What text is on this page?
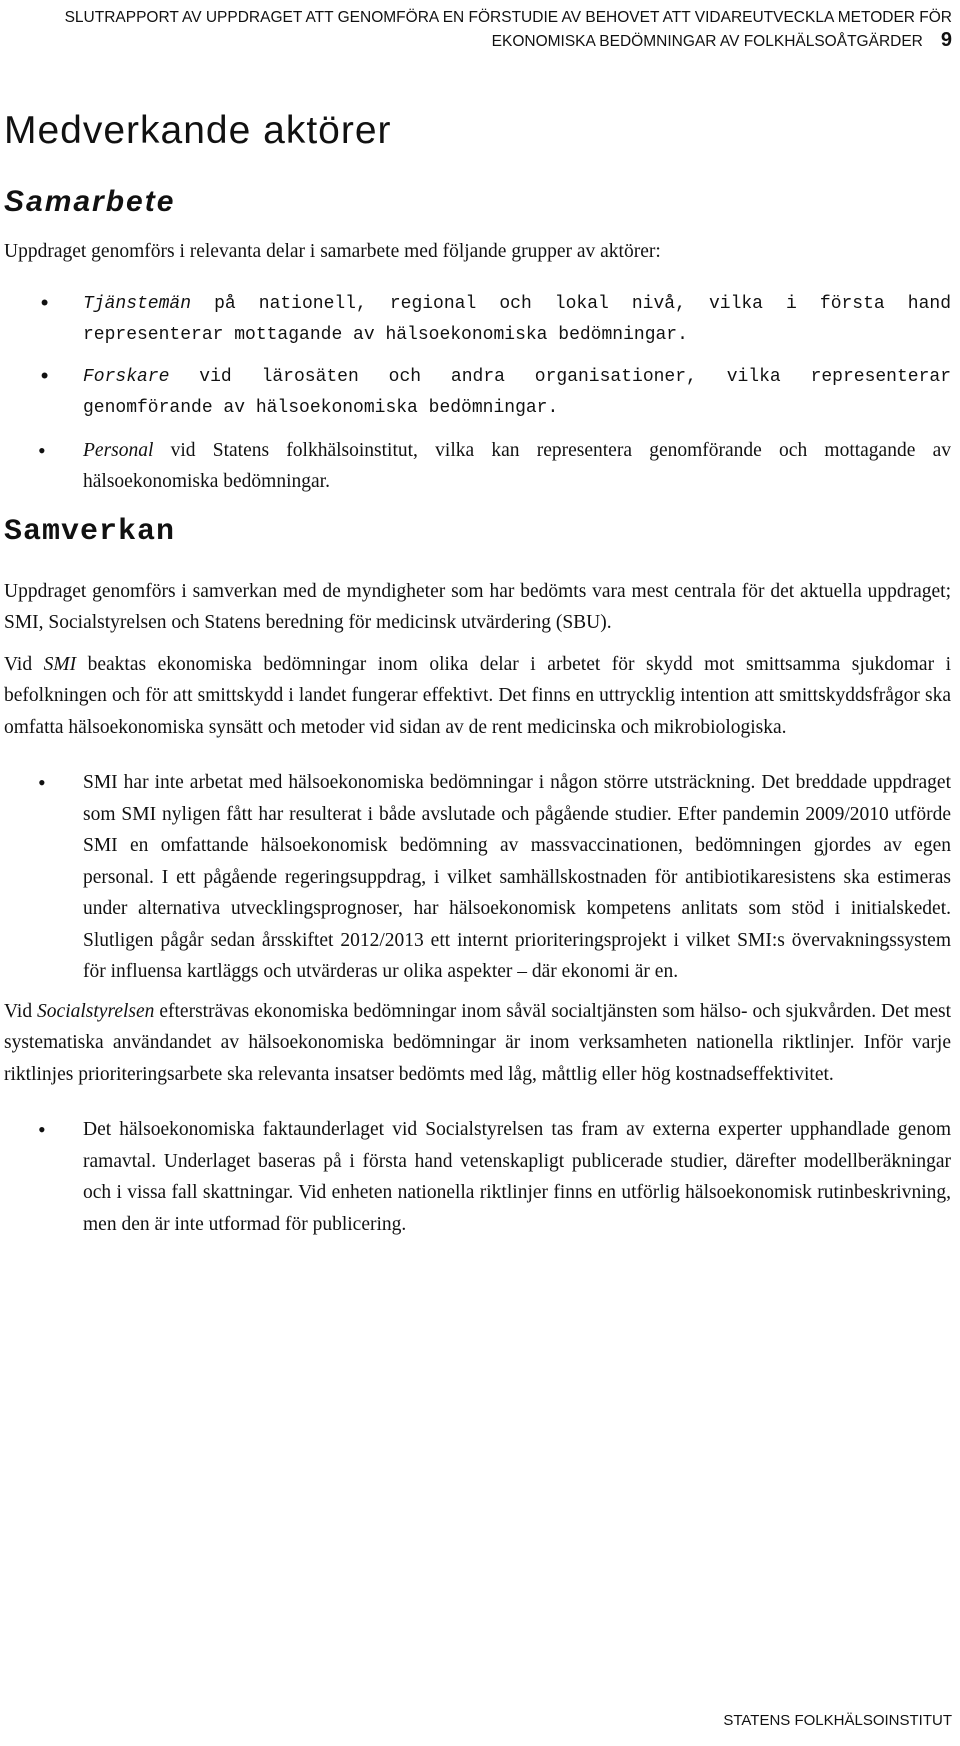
SLUTRAPPORT AV UPPDRAGET ATT GENOMFÖRA EN FÖRSTUDIE AV BEHOVET ATT VIDAREUTVECKLA METODER FÖR
EKONOMISKA BEDÖMNINGAR AV FOLKHÄLSOÅTGÄRDER 9
Medverkande aktörer
Samarbete

Uppdraget genomförs i relevanta delar i samarbete med följande grupper av aktörer:

• Tjänstemän på nationell, regional och lokal nivå, vilka i första hand representerar mottagande av hälsoekonomiska bedömningar.
• Forskare vid lärosäten och andra organisationer, vilka representerar genomförande av hälsoekonomiska bedömningar.
• Personal vid Statens folkhälsoinstitut, vilka kan representera genomförande och mottagande av hälsoekonomiska bedömningar.
Samverkan

Uppdraget genomförs i samverkan med de myndigheter som har bedömts vara mest centrala för det aktuella uppdraget; SMI, Socialstyrelsen och Statens beredning för medicinsk utvärdering (SBU).

Vid SMI beaktas ekonomiska bedömningar inom olika delar i arbetet för skydd mot smittsamma sjukdomar i befolkningen och för att smittskydd i landet fungerar effektivt. Det finns en uttrycklig intention att smittskyddsfrågor ska omfatta hälsoekonomiska synsätt och metoder vid sidan av de rent medicinska och mikrobiologiska.

• SMI har inte arbetat med hälsoekonomiska bedömningar i någon större utsträckning. Det breddade uppdraget som SMI nyligen fått har resulterat i både avslutade och pågående studier. Efter pandemin 2009/2010 utförde SMI en omfattande hälsoekonomisk bedömning av massvaccinationen, bedömningen gjordes av egen personal. I ett pågående regeringsuppdrag, i vilket samhällskostnaden för antibiotikaresistens ska estimeras under alternativa utvecklingsprognoser, har hälsoekonomisk kompetens anlitats som stöd i initialskedet. Slutligen pågår sedan årsskiftet 2012/2013 ett internt prioriteringsprojekt i vilket SMI:s övervakningssystem för influensa kartläggs och utvärderas ur olika aspekter – där ekonomi är en.

Vid Socialstyrelsen eftersträvas ekonomiska bedömningar inom såväl socialtjänsten som hälso- och sjukvården. Det mest systematiska användandet av hälsoekonomiska bedömningar är inom verksamheten nationella riktlinjer. Inför varje riktlinjes prioriteringsarbete ska relevanta insatser bedömts med låg, måttlig eller hög kostnadseffektivitet.

• Det hälsoekonomiska faktaunderlaget vid Socialstyrelsen tas fram av externa experter upphandlade genom ramavtal. Underlaget baseras på i första hand vetenskapligt publicerade studier, därefter modellberäkningar och i vissa fall skattningar. Vid enheten nationella riktlinjer finns en utförlig hälsoekonomisk rutinbeskrivning, men den är inte utformad för publicering.
STATENS FOLKHÄLSOINSTITUT
